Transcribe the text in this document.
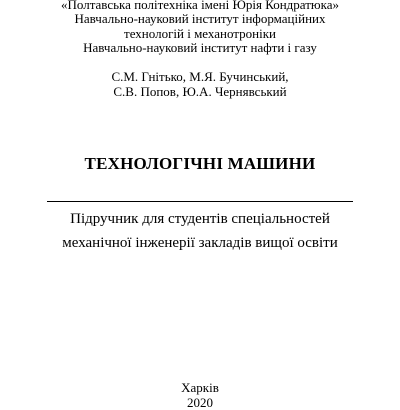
«Полтавська політехніка імені Юрія Кондратюка»
Навчально-науковий інститут інформаційних
технологій і механотроніки
Навчально-науковий інститут нафти і газу
С.М. Гнітько, М.Я. Бучинський,
С.В. Попов, Ю.А. Чернявський
ТЕХНОЛОГІЧНІ МАШИНИ
Підручник для студентів спеціальностей
механічної інженерії закладів вищої освіти
Харків
2020
